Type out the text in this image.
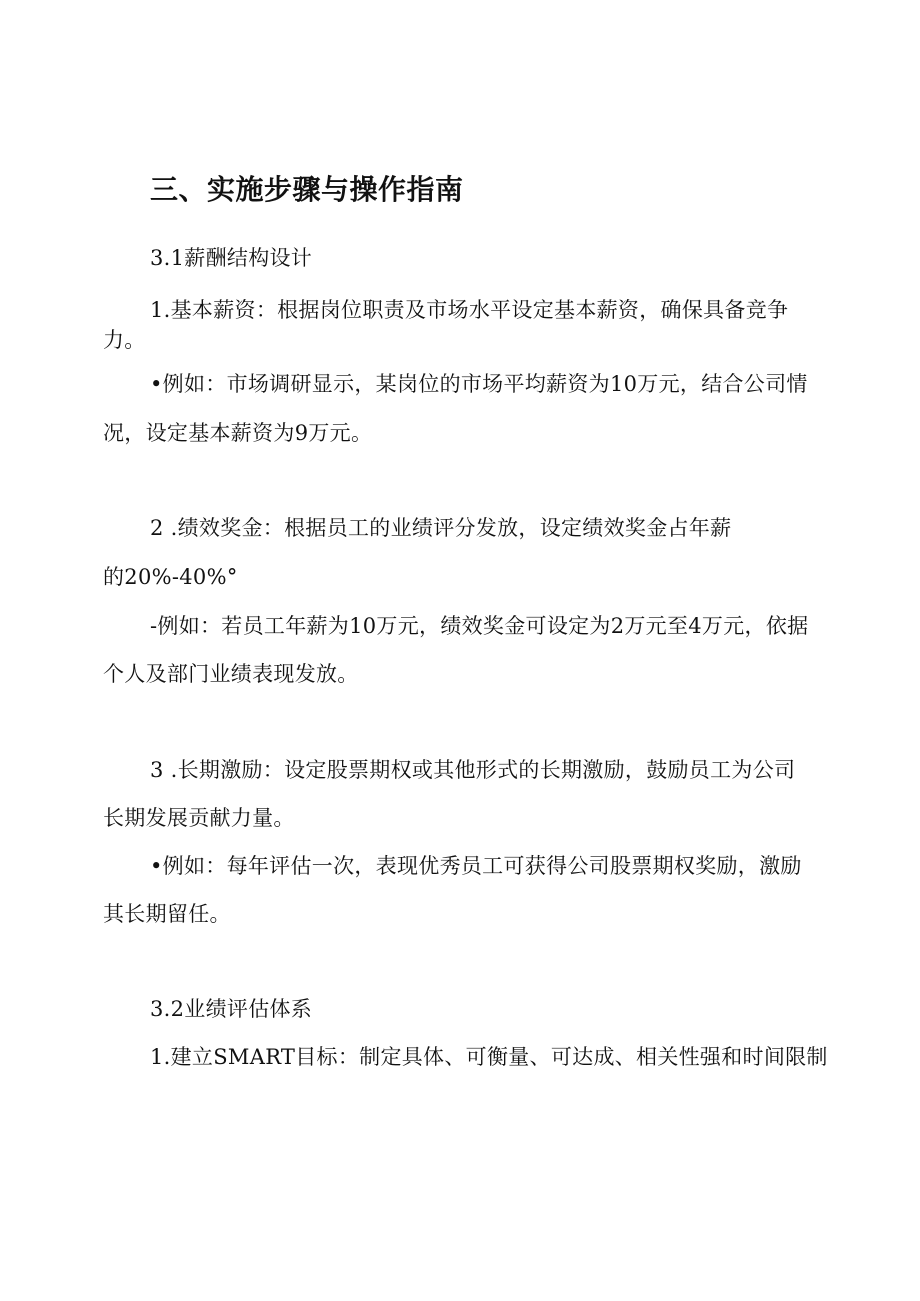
三、实施步骤与操作指南
3.1薪酬结构设计
1.基本薪资：根据岗位职责及市场水平设定基本薪资，确保具备竞争
力。
•例如：市场调研显示，某岗位的市场平均薪资为10万元，结合公司情
况，设定基本薪资为9万元。
2 .绩效奖金：根据员工的业绩评分发放，设定绩效奖金占年薪
的20%-40%°
-例如：若员工年薪为10万元，绩效奖金可设定为2万元至4万元，依据
个人及部门业绩表现发放。
3 .长期激励：设定股票期权或其他形式的长期激励，鼓励员工为公司
长期发展贡献力量。
•例如：每年评估一次，表现优秀员工可获得公司股票期权奖励，激励
其长期留任。
3.2业绩评估体系
1.建立SMART目标：制定具体、可衡量、可达成、相关性强和时间限制
